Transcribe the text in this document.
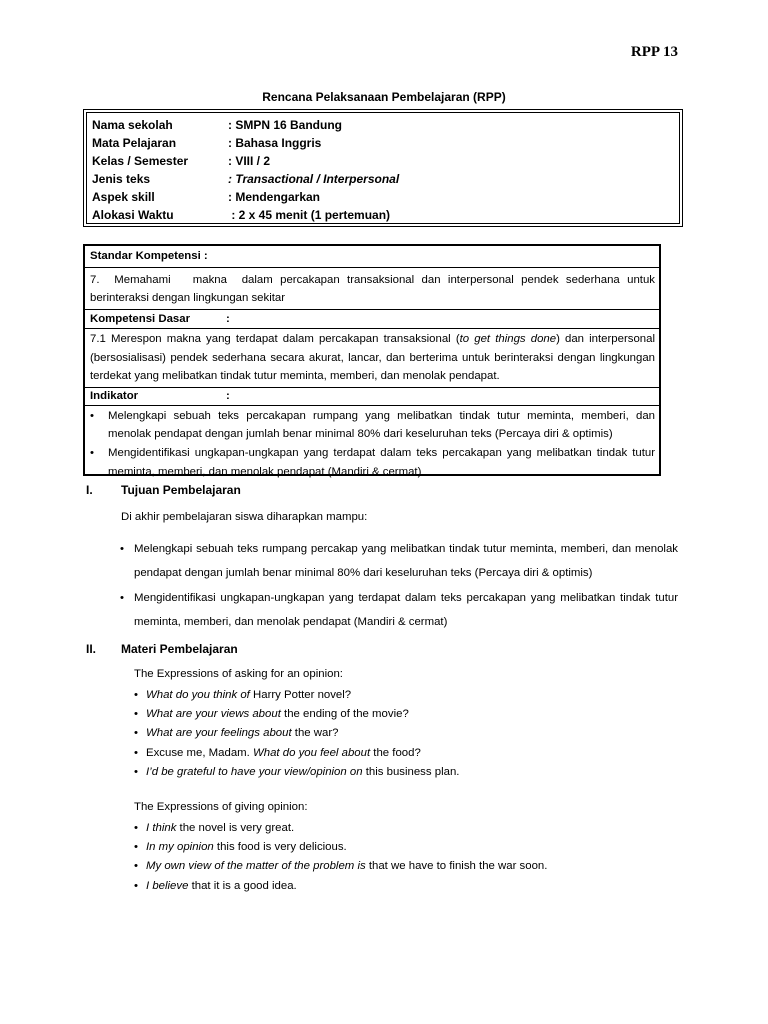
RPP 13
Rencana Pelaksanaan Pembelajaran (RPP)
Nama sekolah	: SMPN 16 Bandung
Mata Pelajaran	: Bahasa Inggris
Kelas / Semester	: VIII / 2
Jenis teks	: Transactional / Interpersonal
Aspek skill	: Mendengarkan
Alokasi Waktu	: 2 x 45 menit (1 pertemuan)
Standar Kompetensi :
7.  Memahami   makna  dalam percakapan transaksional dan interpersonal pendek sederhana untuk berinteraksi dengan lingkungan sekitar
Kompetensi Dasar	:
7.1 Merespon makna yang terdapat dalam percakapan transaksional (to get things done) dan interpersonal (bersosialisasi) pendek sederhana secara akurat, lancar, dan berterima untuk berinteraksi dengan lingkungan terdekat yang melibatkan tindak tutur meminta, memberi, dan menolak pendapat.
Indikator	:
•	Melengkapi sebuah teks percakapan rumpang yang melibatkan tindak tutur meminta, memberi, dan menolak pendapat dengan jumlah benar minimal 80% dari keseluruhan teks (Percaya diri & optimis)
•	Mengidentifikasi ungkapan-ungkapan yang terdapat dalam teks percakapan yang melibatkan tindak tutur meminta, memberi, dan menolak pendapat (Mandiri & cermat)
I. Tujuan Pembelajaran
Di akhir pembelajaran siswa diharapkan mampu:
• Melengkapi sebuah teks rumpang percakap yang melibatkan tindak tutur meminta, memberi, dan menolak pendapat dengan jumlah benar minimal 80% dari keseluruhan teks (Percaya diri & optimis)
• Mengidentifikasi ungkapan-ungkapan yang terdapat dalam teks percakapan yang melibatkan tindak tutur meminta, memberi, dan menolak pendapat (Mandiri & cermat)
II. Materi Pembelajaran
The Expressions of asking for an opinion:
• What do you think of Harry Potter novel?
• What are your views about the ending of the movie?
• What are your feelings about the war?
• Excuse me, Madam. What do you feel about the food?
• I’d be grateful to have your view/opinion on this business plan.
The Expressions of giving opinion:
• I think the novel is very great.
• In my opinion this food is very delicious.
• My own view of the matter of the problem is that we have to finish the war soon.
• I believe that it is a good idea.
